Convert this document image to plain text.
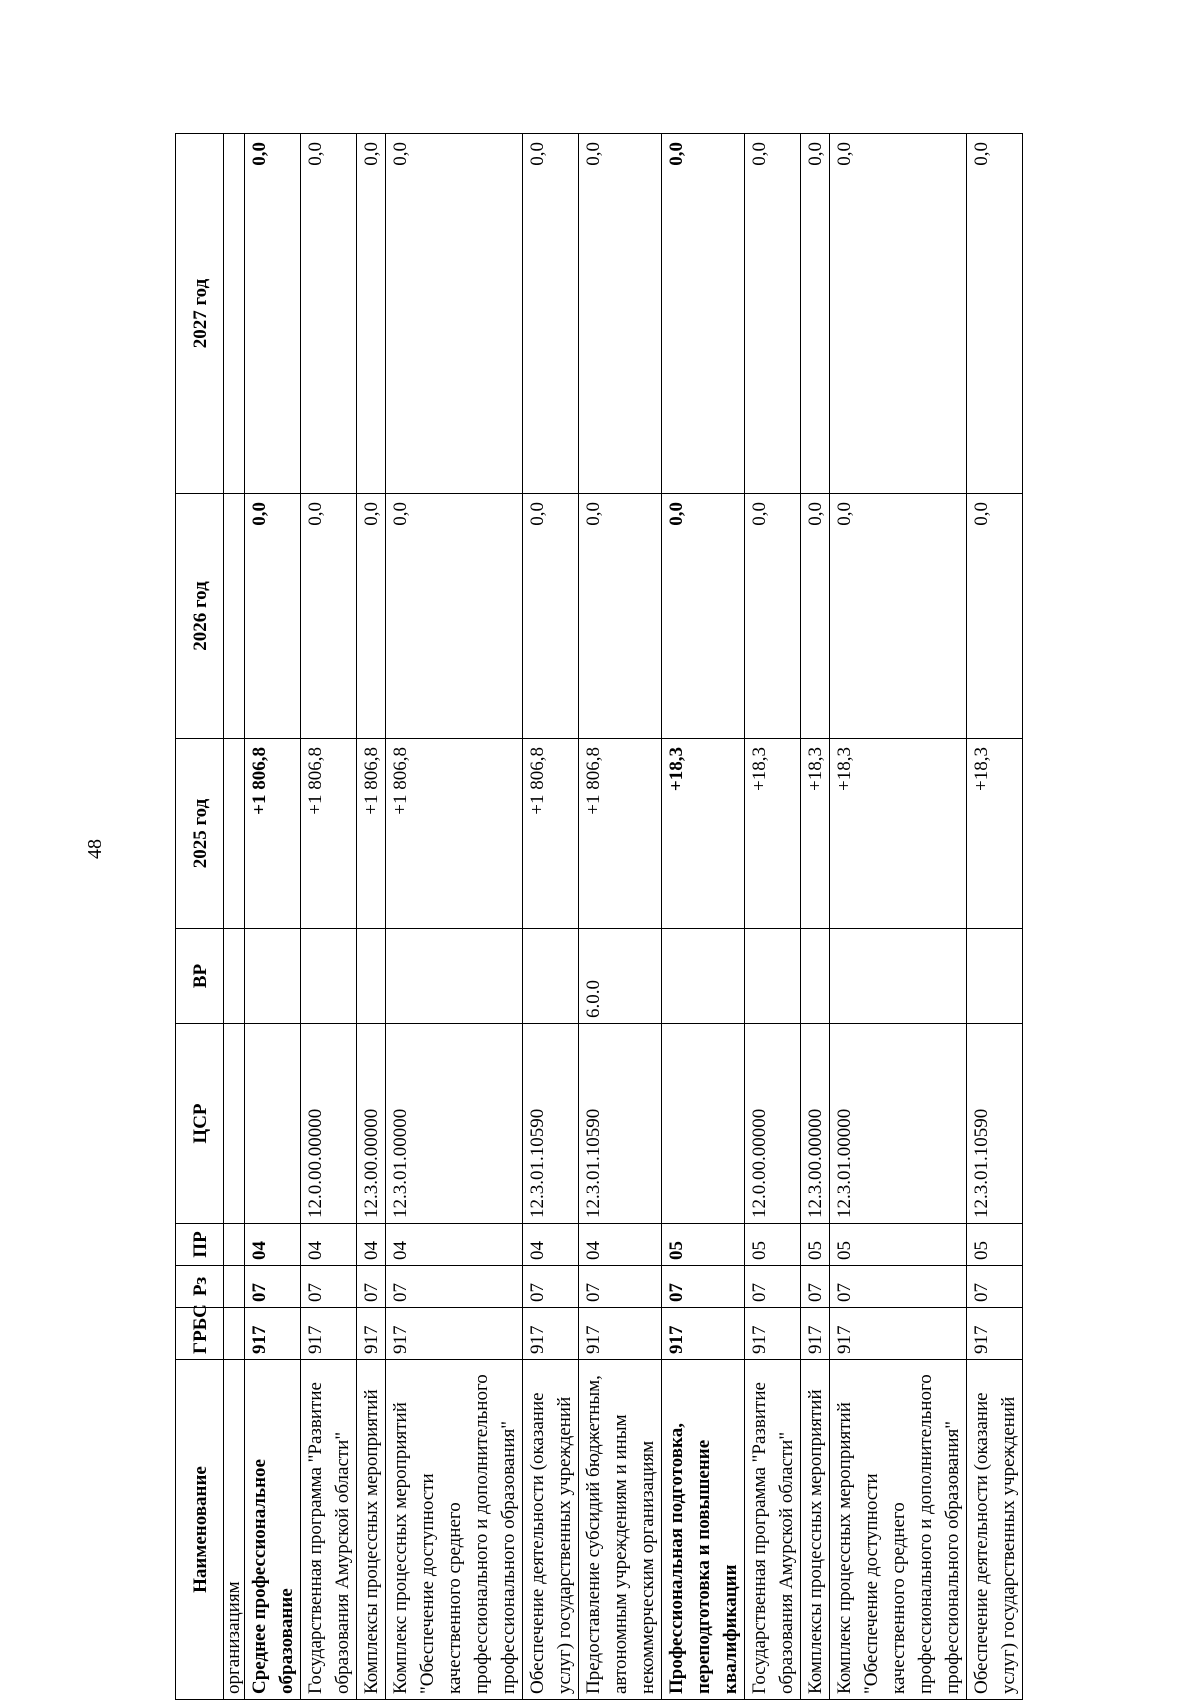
48
Наименование	ГРБС	Рз	ПР	ЦСР	ВР	2025 год	2026 год	2027 год
организациям								
Среднее профессиональное образование	917	07	04			+1 806,8	0,0	0,0
Государственная программа "Развитие образования Амурской области"	917	07	04	12.0.00.00000		+1 806,8	0,0	0,0
Комплексы процессных мероприятий	917	07	04	12.3.00.00000		+1 806,8	0,0	0,0
Комплекс процессных мероприятий "Обеспечение доступности качественного среднего профессионального и дополнительного профессионального образования"	917	07	04	12.3.01.00000		+1 806,8	0,0	0,0
Обеспечение деятельности (оказание услуг) государственных учреждений	917	07	04	12.3.01.10590		+1 806,8	0,0	0,0
Предоставление субсидий бюджетным, автономным учреждениям и иным некоммерческим организациям	917	07	04	12.3.01.10590	6.0.0	+1 806,8	0,0	0,0
Профессиональная подготовка, переподготовка и повышение квалификации	917	07	05			+18,3	0,0	0,0
Государственная программа "Развитие образования Амурской области"	917	07	05	12.0.00.00000		+18,3	0,0	0,0
Комплексы процессных мероприятий	917	07	05	12.3.00.00000		+18,3	0,0	0,0
Комплекс процессных мероприятий "Обеспечение доступности качественного среднего профессионального и дополнительного профессионального образования"	917	07	05	12.3.01.00000		+18,3	0,0	0,0
Обеспечение деятельности (оказание услуг) государственных учреждений	917	07	05	12.3.01.10590		+18,3	0,0	0,0
